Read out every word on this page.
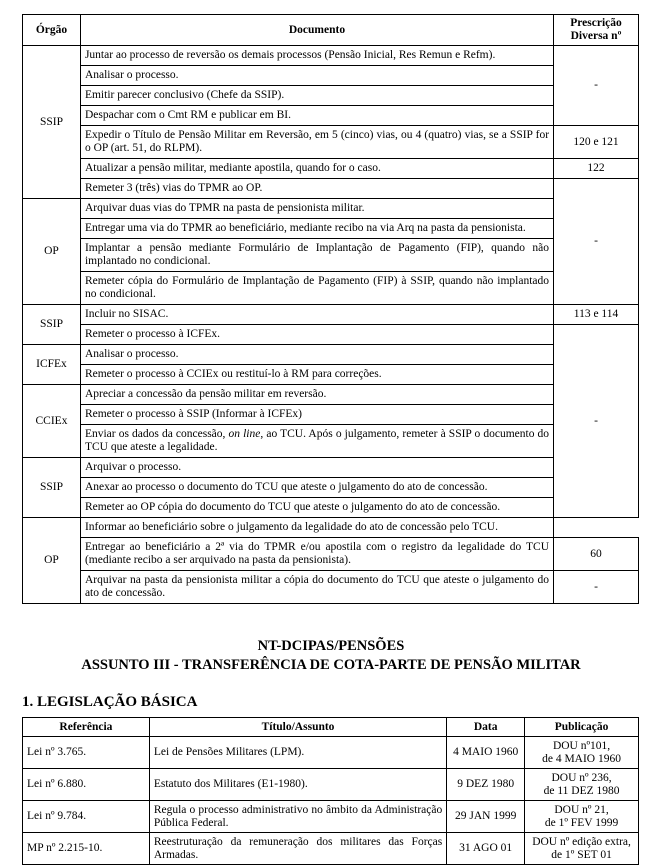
Órgão	Documento	Prescrição Diversa nº
SSIP	Juntar ao processo de reversão os demais processos (Pensão Inicial, Res Remun e Refm).	-
	Analisar o processo.	
	Emitir parecer conclusivo (Chefe da SSIP).	
	Despachar com o Cmt RM e publicar em BI.	
	Expedir o Título de Pensão Militar em Reversão, em 5 (cinco) vias, ou 4 (quatro) vias, se a SSIP for o OP (art. 51, do RLPM).	120 e 121
	Atualizar a pensão militar, mediante apostila, quando for o caso.	122
	Remeter 3 (três) vias do TPMR ao OP.	-
OP	Arquivar duas vias do TPMR na pasta de pensionista militar.	
	Entregar uma via do TPMR ao beneficiário, mediante recibo na via Arq na pasta da pensionista.	
	Implantar a pensão mediante Formulário de Implantação de Pagamento (FIP), quando não implantado no condicional.	
	Remeter cópia do Formulário de Implantação de Pagamento (FIP) à SSIP, quando não implantado no condicional.	
SSIP	Incluir no SISAC.	113 e 114
	Remeter o processo à ICFEx.	-
ICFEx	Analisar o processo.	
	Remeter o processo à CCIEx ou restituí-lo à RM para correções.	
CCIEx	Apreciar a concessão da pensão militar em reversão.	
	Remeter o processo à SSIP (Informar à ICFEx)	
	Enviar os dados da concessão, on line, ao TCU. Após o julgamento, remeter à SSIP o documento do TCU que ateste a legalidade.	
SSIP	Arquivar o processo.	
	Anexar ao processo o documento do TCU que ateste o julgamento do ato de concessão.	
	Remeter ao OP cópia do documento do TCU que ateste o julgamento do ato de concessão.	
OP	Informar ao beneficiário sobre o julgamento da legalidade do ato de concessão pelo TCU.	
	Entregar ao beneficiário a 2ª via do TPMR e/ou apostila com o registro da legalidade do TCU (mediante recibo a ser arquivado na pasta da pensionista).	60
	Arquivar na pasta da pensionista militar a cópia do documento do TCU que ateste o julgamento do ato de concessão.	-
NT-DCIPAS/PENSÕES
ASSUNTO III - TRANSFERÊNCIA DE COTA-PARTE DE PENSÃO MILITAR
1. LEGISLAÇÃO BÁSICA
Referência	Título/Assunto	Data	Publicação
Lei nº 3.765.	Lei de Pensões Militares (LPM).	4 MAIO 1960	DOU nº101,
de 4 MAIO 1960

Lei nº 6.880.	Estatuto dos Militares (E1-1980).	9 DEZ 1980	DOU nº 236,
de 11 DEZ 1980

Lei nº 9.784.	Regula o processo administrativo no âmbito da Administração Pública Federal.	29 JAN 1999	DOU nº 21,
de 1º FEV 1999

MP nº 2.215-10.	Reestruturação da remuneração dos militares das Forças Armadas.	31 AGO 01	DOU nº edição extra,
de 1º SET 01
